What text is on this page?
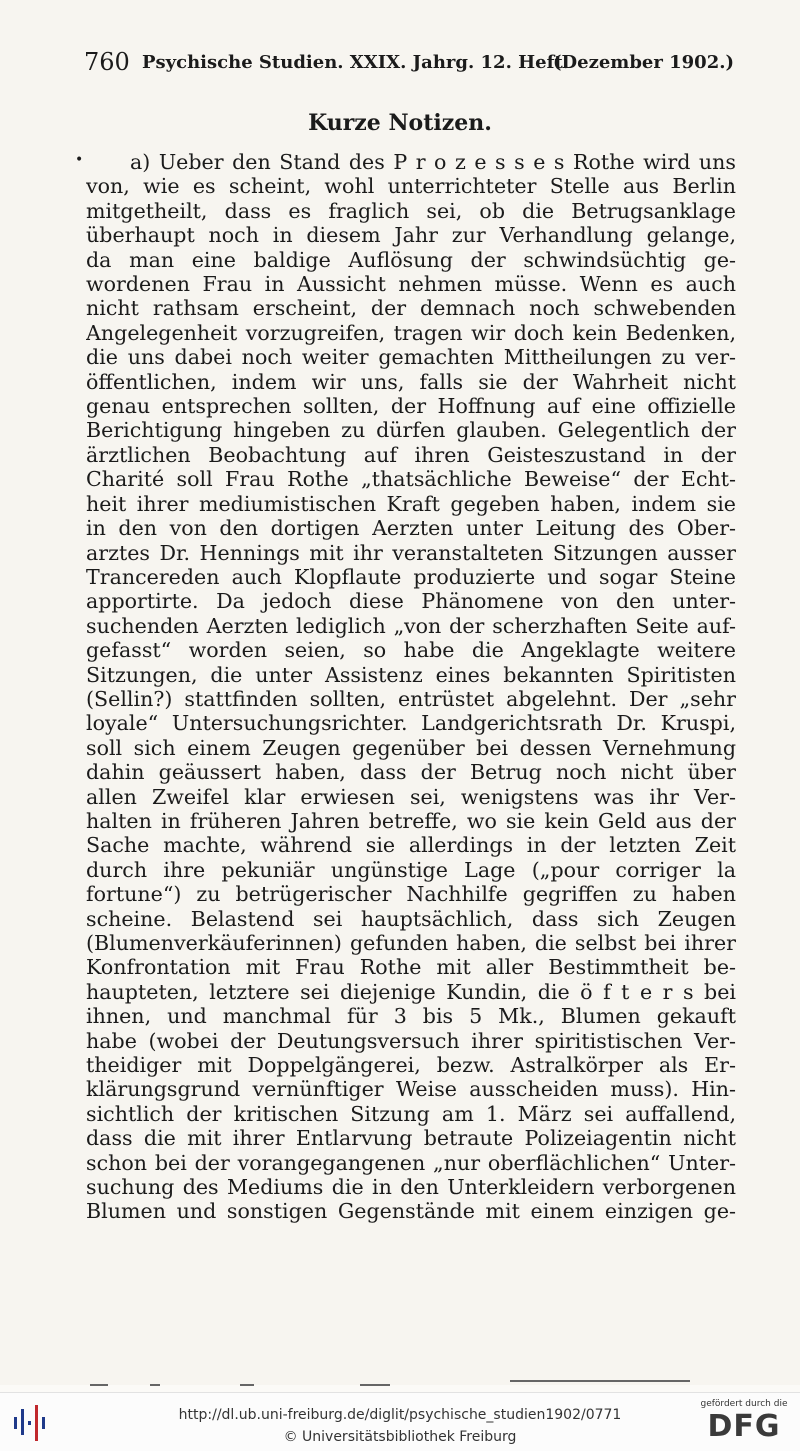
760 Psychische Studien. XXIX. Jahrg. 12. Heft.
(Dezember 1902.)
Kurze Notizen.
•	a) Ueber den Stand des P r o z e s s e s Rothe wird uns
von, wie es scheint, wohl unterrichteter Stelle aus Berlin
mitgetheilt, dass es fraglich sei, ob die Betrugsanklage
überhaupt noch in diesem Jahr zur Verhandlung gelange,
da man eine baldige Auflösung der schwindsüchtig ge-
wordenen Frau in Aussicht nehmen müsse. Wenn es auch
nicht rathsam erscheint, der demnach noch schwebenden
Angelegenheit vorzugreifen, tragen wir doch kein Bedenken,
die uns dabei noch weiter gemachten Mittheilungen zu ver-
öffentlichen, indem wir uns, falls sie der Wahrheit nicht
genau entsprechen sollten, der Hoffnung auf eine offizielle
Berichtigung hingeben zu dürfen glauben. Gelegentlich der
ärztlichen Beobachtung auf ihren Geisteszustand in der
Charité soll Frau Rothe „thatsächliche Beweise“ der Echt-
heit ihrer mediumistischen Kraft gegeben haben, indem sie
in den von den dortigen Aerzten unter Leitung des Ober-
arztes Dr. Hennings mit ihr veranstalteten Sitzungen ausser
Trancereden auch Klopflaute produzierte und sogar Steine
apportirte. Da jedoch diese Phänomene von den unter-
suchenden Aerzten lediglich „von der scherzhaften Seite auf-
gefasst“ worden seien, so habe die Angeklagte weitere
Sitzungen, die unter Assistenz eines bekannten Spiritisten
(Sellin?) stattfinden sollten, entrüstet abgelehnt. Der „sehr
loyale“ Untersuchungsrichter. Landgerichtsrath Dr. Kruspi,
soll sich einem Zeugen gegenüber bei dessen Vernehmung
dahin geäussert haben, dass der Betrug noch nicht über
allen Zweifel klar erwiesen sei, wenigstens was ihr Ver-
halten in früheren Jahren betreffe, wo sie kein Geld aus der
Sache machte, während sie allerdings in der letzten Zeit
durch ihre pekuniär ungünstige Lage („pour corriger la
fortune“) zu betrügerischer Nachhilfe gegriffen zu haben
scheine. Belastend sei hauptsächlich, dass sich Zeugen
(Blumenverkäuferinnen) gefunden haben, die selbst bei ihrer
Konfrontation mit Frau Rothe mit aller Bestimmtheit be-
haupteten, letztere sei diejenige Kundin, die ö f t e r s bei
ihnen, und manchmal für 3 bis 5 Mk., Blumen gekauft
habe (wobei der Deutungsversuch ihrer spiritistischen Ver-
theidiger mit Doppelgängerei, bezw. Astralkörper als Er-
klärungsgrund vernünftiger Weise ausscheiden muss). Hin-
sichtlich der kritischen Sitzung am 1. März sei auffallend,
dass die mit ihrer Entlarvung betraute Polizeiagentin nicht
schon bei der vorangegangenen „nur oberflächlichen“ Unter-
suchung des Mediums die in den Unterkleidern verborgenen
Blumen und sonstigen Gegenstände mit einem einzigen ge-
http://dl.ub.uni-freiburg.de/diglit/psychische_studien1902/0771
© Universitätsbibliothek Freiburg
gefördert durch die
DFG
